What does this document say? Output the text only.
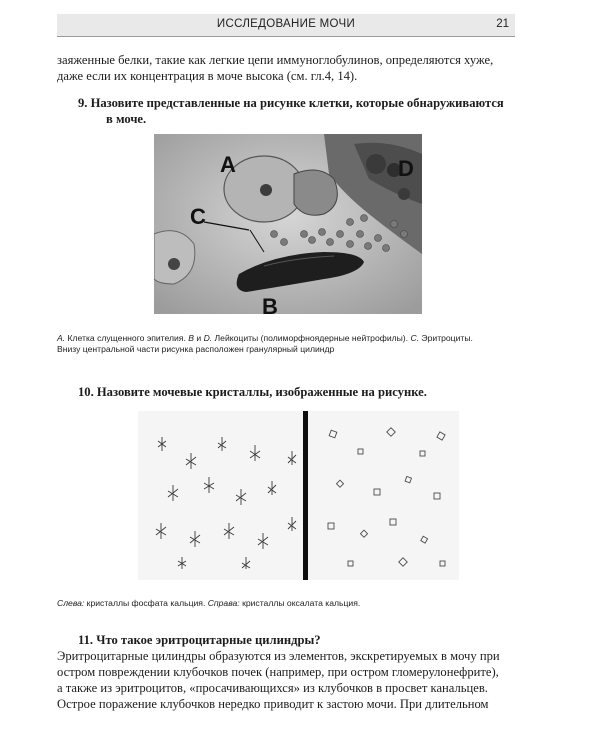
ИССЛЕДОВАНИЕ МОЧИ	21
заяженные белки, такие как легкие цепи иммуноглобулинов, определяются хуже,
даже если их концентрация в моче высока (см. гл.4, 14).
9. Назовите представленные на рисунке клетки, которые обнаруживаются
в моче.
A
C
D
B
A. Клетка слущенного эпителия. B и D. Лейкоциты (полиморфноядерные нейтрофилы). C. Эритроциты.
Внизу центральной части рисунка расположен гранулярный цилиндр
10. Назовите мочевые кристаллы, изображенные на рисунке.
Слева: кристаллы фосфата кальция. Справа: кристаллы оксалата кальция.
11. Что такое эритроцитарные цилиндры?
Эритроцитарные цилиндры образуются из элементов, экскретируемых в мочу при
остром повреждении клубочков почек (например, при остром гломерулонефрите),
а также из эритроцитов, «просачивающихся» из клубочков в просвет канальцев.
Острое поражение клубочков нередко приводит к застою мочи. При длительном
